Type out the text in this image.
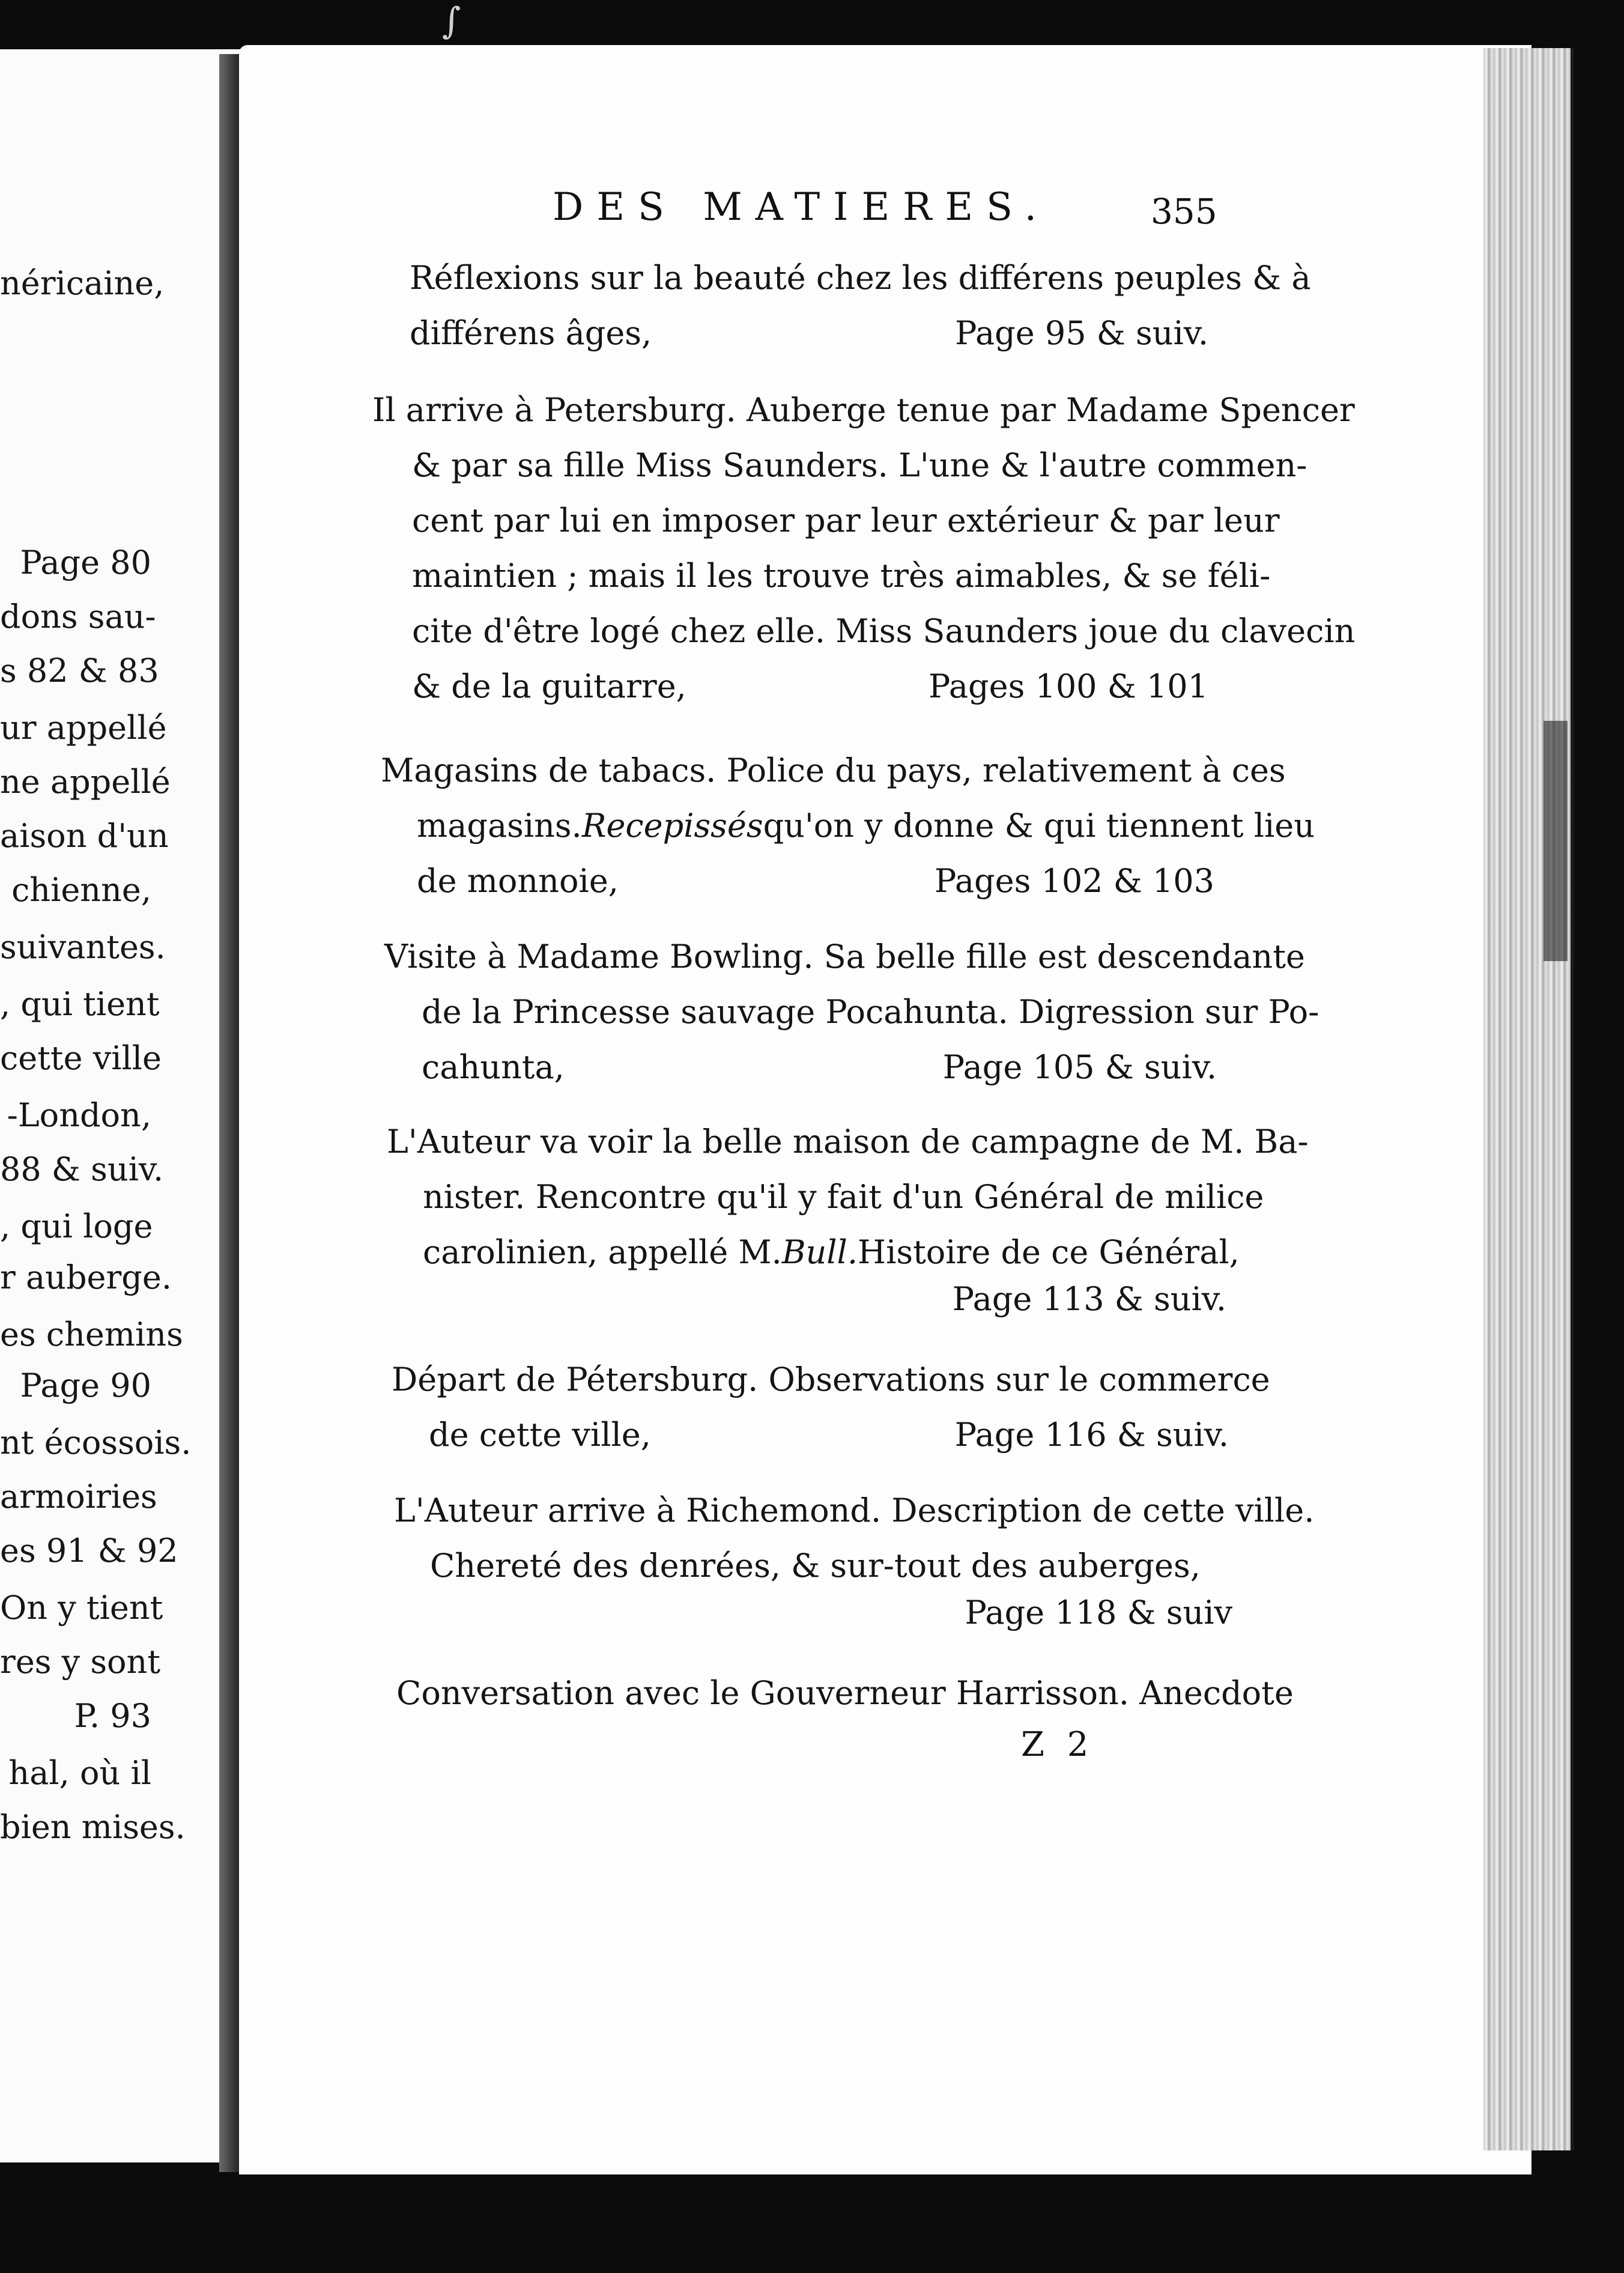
néricaine,
Page 80
dons sau-
s 82 & 83
ur appellé
ne appellé
aison d'un
chienne,
suivantes.
, qui tient
cette ville
-London,
88 & suiv.
, qui loge
r auberge.
es chemins
Page 90
nt écossois.
armoiries
es 91 & 92
On y tient
res y sont
P. 93
hal, où il
bien mises.
∫
DES MATIERES.	355
Réflexions sur la beauté chez les différens peuples & à
différens âges,	Page 95 & suiv.
Il arrive à Petersburg. Auberge tenue par Madame Spencer
& par sa fille Miss Saunders. L'une & l'autre commen-
cent par lui en imposer par leur extérieur & par leur
maintien ; mais il les trouve très aimables, & se féli-
cite d'être logé chez elle. Miss Saunders joue du clavecin
& de la guitarre,	Pages 100 & 101
Magasins de tabacs. Police du pays, relativement à ces
magasins. Recepissés qu'on y donne & qui tiennent lieu
de monnoie,	Pages 102 & 103
Visite à Madame Bowling. Sa belle fille est descendante
de la Princesse sauvage Pocahunta. Digression sur Po-
cahunta,	Page 105 & suiv.
L'Auteur va voir la belle maison de campagne de M. Ba-
nister. Rencontre qu'il y fait d'un Général de milice
carolinien, appellé M. Bull. Histoire de ce Général,
Page 113 & suiv.
Départ de Pétersburg. Observations sur le commerce
de cette ville,	Page 116 & suiv.
L'Auteur arrive à Richemond. Description de cette ville.
Chereté des denrées, & sur-tout des auberges,
Page 118 & suiv
Conversation avec le Gouverneur Harrisson. Anecdote
Z 2
